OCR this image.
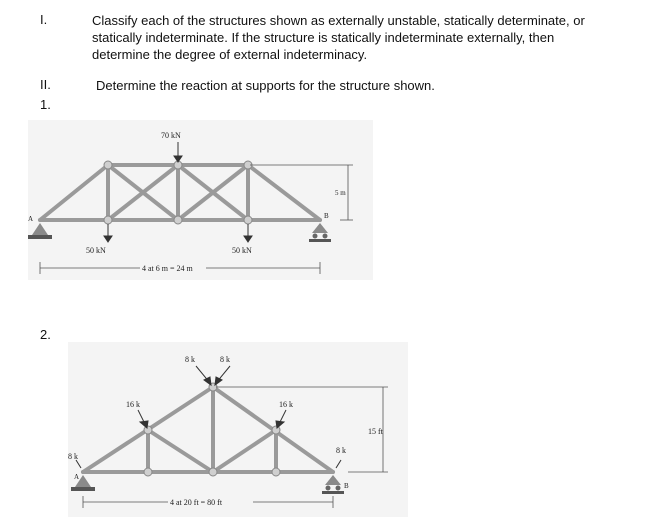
I.	Classify each of the structures shown as externally unstable, statically determinate, or
statically indeterminate. If the structure is statically indeterminate externally, then
determine the degree of external indeterminacy.
II.	Determine the reaction at supports for the structure shown.
1.
70 kN
50 kN	50 kN
A	B
5 m
4 at 6 m = 24 m
2.
8 k	8 k
16 k	16 k
8 k
8 k
A
B
15 ft
4 at 20 ft = 80 ft
